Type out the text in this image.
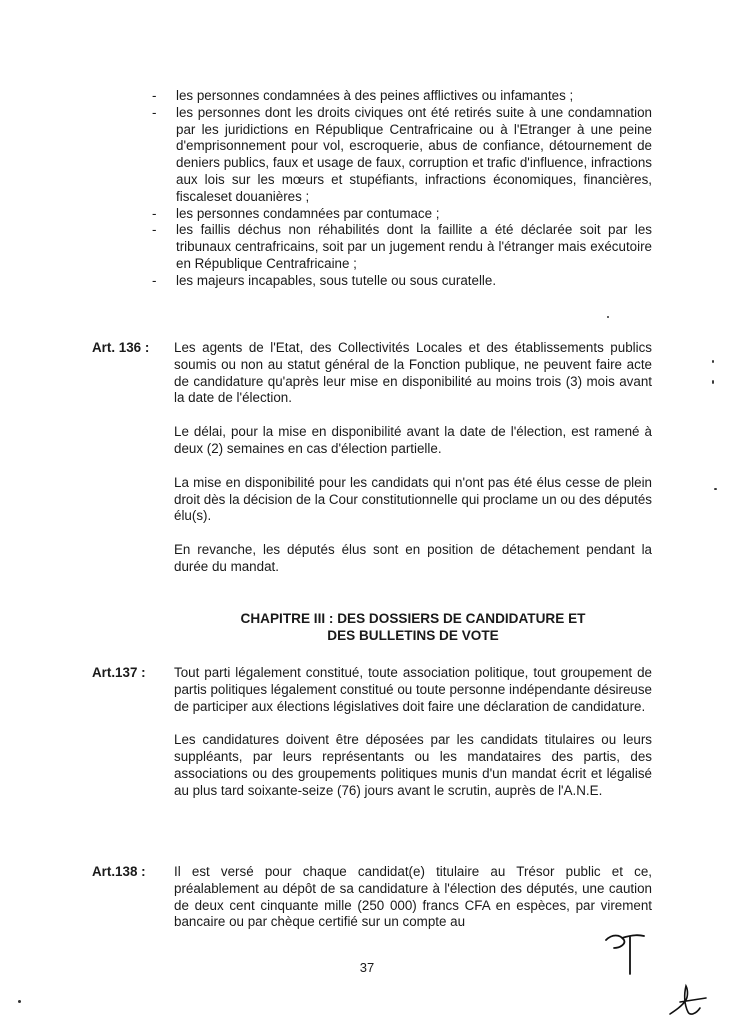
- les personnes condamnées à des peines afflictives ou infamantes ;
- les personnes dont les droits civiques ont été retirés suite à une condamnation par les juridictions en République Centrafricaine ou à l'Etranger à une peine d'emprisonnement pour vol, escroquerie, abus de confiance, détournement de deniers publics, faux et usage de faux, corruption et trafic d'influence, infractions aux lois sur les mœurs et stupéfiants, infractions économiques, financières, fiscaleset douanières ;
- les personnes condamnées par contumace ;
- les faillis déchus non réhabilités dont la faillite a été déclarée soit par les tribunaux centrafricains, soit par un jugement rendu à l'étranger mais exécutoire en République Centrafricaine ;
- les majeurs incapables, sous tutelle ou sous curatelle.
Art. 136 : Les agents de l'Etat, des Collectivités Locales et des établissements publics soumis ou non au statut général de la Fonction publique, ne peuvent faire acte de candidature qu'après leur mise en disponibilité au moins trois (3) mois avant la date de l'élection.

Le délai, pour la mise en disponibilité avant la date de l'élection, est ramené à deux (2) semaines en cas d'élection partielle.

La mise en disponibilité pour les candidats qui n'ont pas été élus cesse de plein droit dès la décision de la Cour constitutionnelle qui proclame un ou des députés élu(s).

En revanche, les députés élus sont en position de détachement pendant la durée du mandat.

CHAPITRE III : DES DOSSIERS DE CANDIDATURE ET
DES BULLETINS DE VOTE
Art.137 : Tout parti légalement constitué, toute association politique, tout groupement de partis politiques légalement constitué ou toute personne indépendante désireuse de participer aux élections législatives doit faire une déclaration de candidature.

Les candidatures doivent être déposées par les candidats titulaires ou leurs suppléants, par leurs représentants ou les mandataires des partis, des associations ou des groupements politiques munis d'un mandat écrit et légalisé au plus tard soixante-seize (76) jours avant le scrutin, auprès de l'A.N.E.

Art.138 : Il est versé pour chaque candidat(e) titulaire au Trésor public et ce, préalablement au dépôt de sa candidature à l'élection des députés, une caution de deux cent cinquante mille (250 000) francs CFA en espèces, par virement bancaire ou par chèque certifié sur un compte au

37
